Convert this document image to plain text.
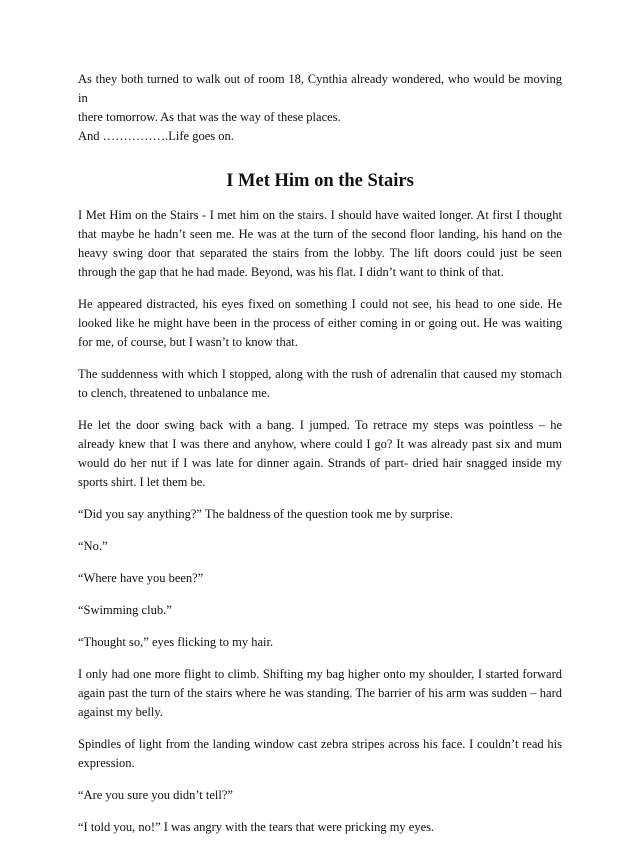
As they both turned to walk out of room 18, Cynthia already wondered, who would be moving in
there tomorrow. As that was the way of these places.
And …………….Life goes on.

I Met Him on the Stairs

I Met Him on the Stairs - I met him on the stairs. I should have waited longer. At first I thought that maybe he hadn’t seen me. He was at the turn of the second floor landing, his hand on the heavy swing door that separated the stairs from the lobby. The lift doors could just be seen through the gap that he had made. Beyond, was his flat. I didn’t want to think of that.

He appeared distracted, his eyes fixed on something I could not see, his head to one side. He looked like he might have been in the process of either coming in or going out. He was waiting for me, of course, but I wasn’t to know that.

The suddenness with which I stopped, along with the rush of adrenalin that caused my stomach to clench, threatened to unbalance me.

He let the door swing back with a bang. I jumped. To retrace my steps was pointless – he already knew that I was there and anyhow, where could I go? It was already past six and mum would do her nut if I was late for dinner again. Strands of part- dried hair snagged inside my sports shirt. I let them be.

“Did you say anything?” The baldness of the question took me by surprise.

“No.”

“Where have you been?”

“Swimming club.”

“Thought so,” eyes flicking to my hair.

I only had one more flight to climb. Shifting my bag higher onto my shoulder, I started forward again past the turn of the stairs where he was standing. The barrier of his arm was sudden – hard against my belly.

Spindles of light from the landing window cast zebra stripes across his face. I couldn’t read his expression.

“Are you sure you didn’t tell?”

“I told you, no!” I was angry with the tears that were pricking my eyes.
